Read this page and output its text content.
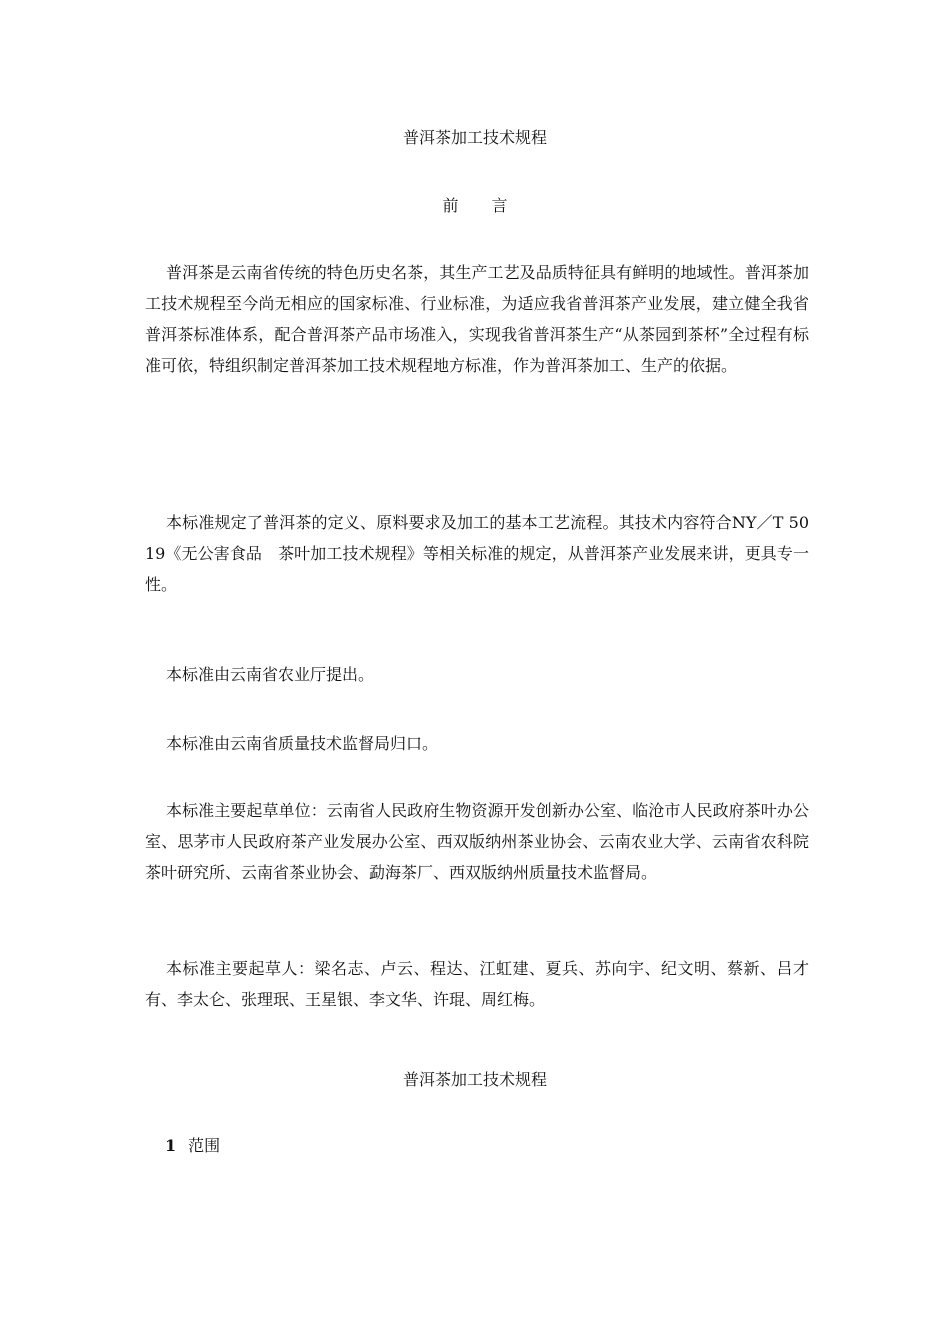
普洱茶加工技术规程
前 言

普洱茶是云南省传统的特色历史名茶，其生产工艺及品质特征具有鲜明的地域性。普洱茶加工技术规程至今尚无相应的国家标准、行业标准，为适应我省普洱茶产业发展，建立健全我省普洱茶标准体系，配合普洱茶产品市场准入，实现我省普洱茶生产“从茶园到茶杯”全过程有标准可依，特组织制定普洱茶加工技术规程地方标准，作为普洱茶加工、生产的依据。

本标准规定了普洱茶的定义、原料要求及加工的基本工艺流程。其技术内容符合NY／T 5019《无公害食品　茶叶加工技术规程》等相关标准的规定，从普洱茶产业发展来讲，更具专一性。

本标准由云南省农业厅提出。

本标准由云南省质量技术监督局归口。

本标准主要起草单位：云南省人民政府生物资源开发创新办公室、临沧市人民政府茶叶办公室、思茅市人民政府茶产业发展办公室、西双版纳州茶业协会、云南农业大学、云南省农科院茶叶研究所、云南省茶业协会、勐海茶厂、西双版纳州质量技术监督局。

本标准主要起草人：梁名志、卢云、程达、江虹建、夏兵、苏向宇、纪文明、蔡新、吕才有、李太仑、张理珉、王星银、李文华、许琨、周红梅。

普洱茶加工技术规程
1 范围
